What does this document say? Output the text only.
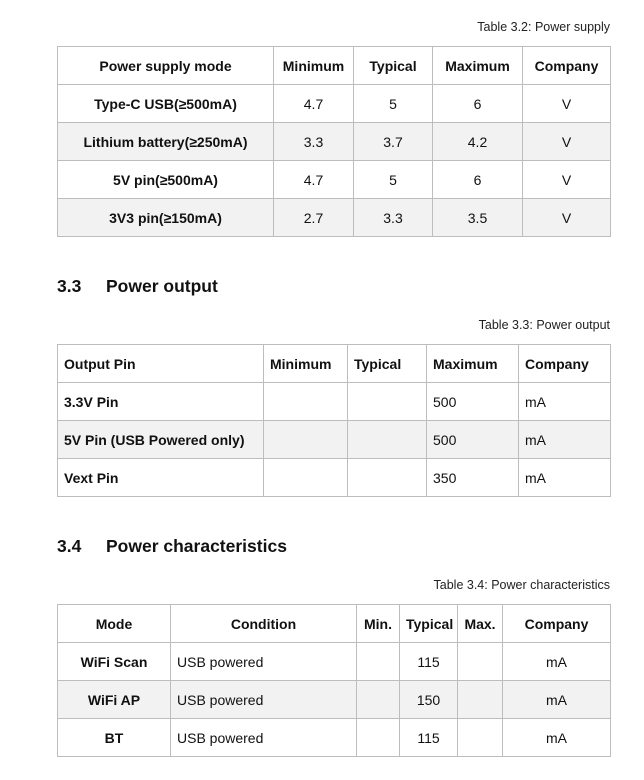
Table 3.2: Power supply
Power supply mode	Minimum	Typical	Maximum	Company
Type-C USB(≥500mA)	4.7	5	6	V
Lithium battery(≥250mA)	3.3	3.7	4.2	V
5V pin(≥500mA)	4.7	5	6	V
3V3 pin(≥150mA)	2.7	3.3	3.5	V
3.3 Power output
Table 3.3: Power output
Output Pin	Minimum	Typical	Maximum	Company
3.3V Pin			500	mA
5V Pin (USB Powered only)			500	mA
Vext Pin			350	mA
3.4 Power characteristics
Table 3.4: Power characteristics
Mode	Condition	Min.	Typical	Max.	Company
WiFi Scan	USB powered		115		mA
WiFi AP	USB powered		150		mA
BT	USB powered		115		mA
